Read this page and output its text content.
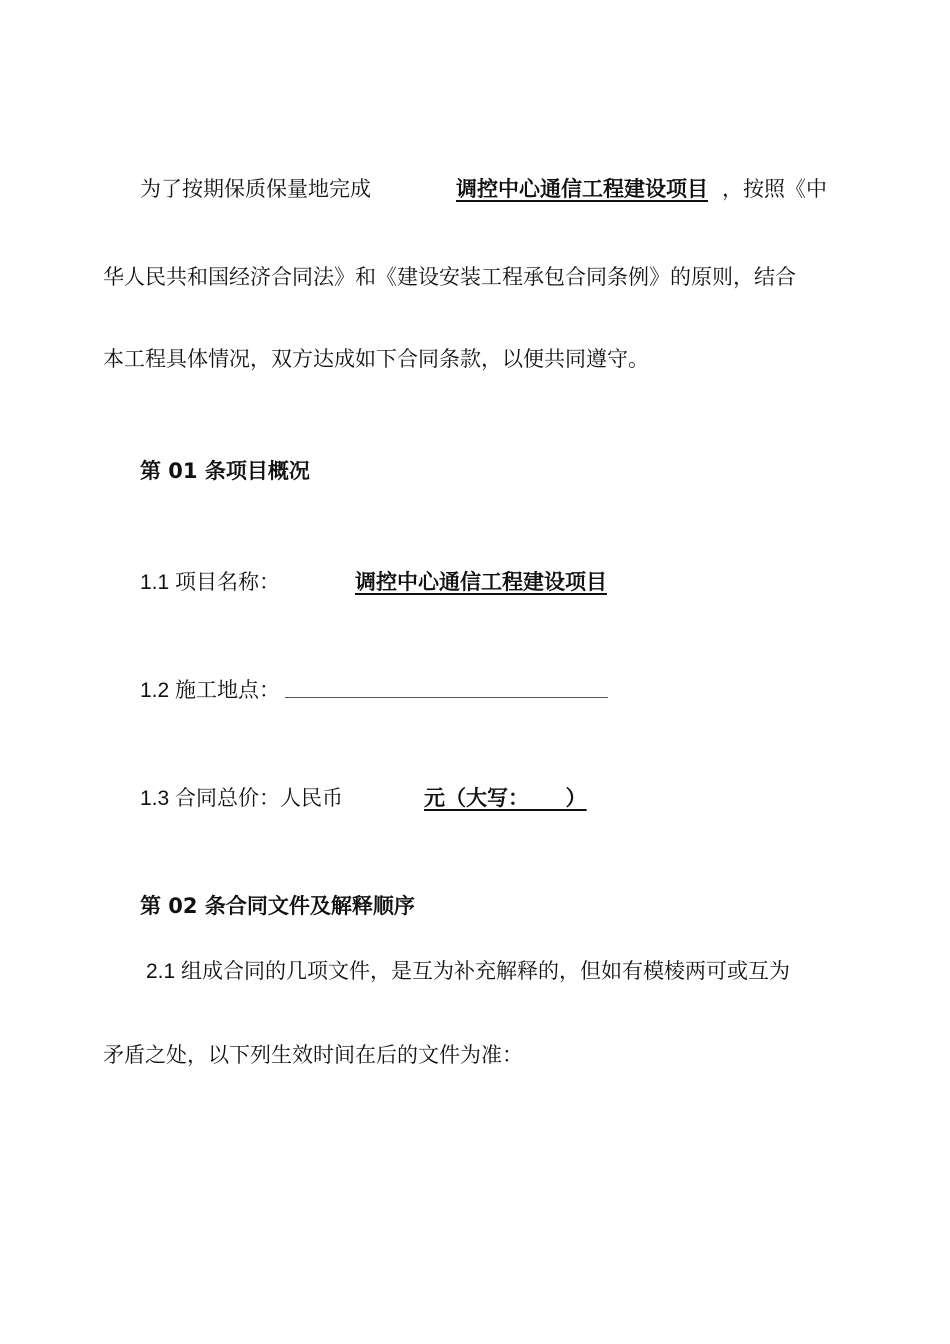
为了按期保质保量地完成	调控中心通信工程建设项目 ，按照《中
华人民共和国经济合同法》和《建设安装工程承包合同条例》的原则，结合
本工程具体情况，双方达成如下合同条款，以便共同遵守。
第 01 条项目概况
1.1 项目名称：	调控中心通信工程建设项目
1.2 施工地点：
1.3 合同总价：人民币	元（大写：     ）
第 02 条合同文件及解释顺序
2.1 组成合同的几项文件，是互为补充解释的，但如有模棱两可或互为
矛盾之处，以下列生效时间在后的文件为准：
